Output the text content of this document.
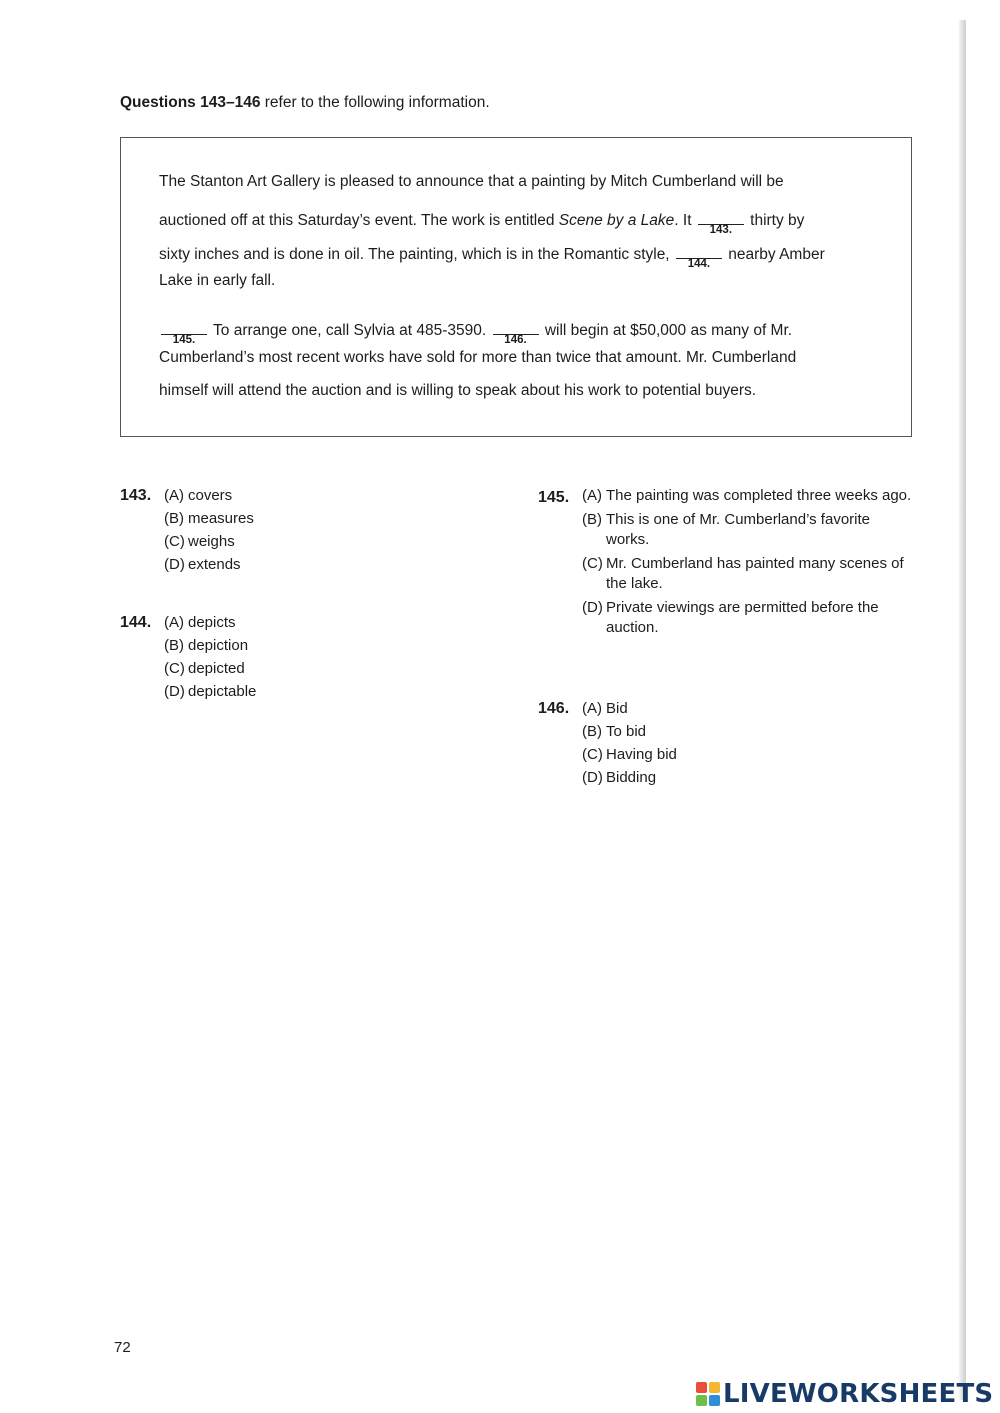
Questions 143–146 refer to the following information.
The Stanton Art Gallery is pleased to announce that a painting by Mitch Cumberland will be
auctioned off at this Saturday’s event. The work is entitled Scene by a Lake. It
143.
thirty by
sixty inches and is done in oil. The painting, which is in the Romantic style,
144.
nearby Amber
Lake in early fall.
145.
To arrange one, call Sylvia at 485-3590.
146.
will begin at $50,000 as many of Mr.
Cumberland’s most recent works have sold for more than twice that amount. Mr. Cumberland
himself will attend the auction and is willing to speak about his work to potential buyers.
143. (A) covers
(B) measures
(C) weighs
(D) extends
144. (A) depicts
(B) depiction
(C) depicted
(D) depictable
145. (A) The painting was completed three weeks ago.
(B) This is one of Mr. Cumberland’s favorite works.
(C) Mr. Cumberland has painted many scenes of the lake.
(D) Private viewings are permitted before the auction.
146. (A) Bid
(B) To bid
(C) Having bid
(D) Bidding
72
LIVEWORKSHEETS
